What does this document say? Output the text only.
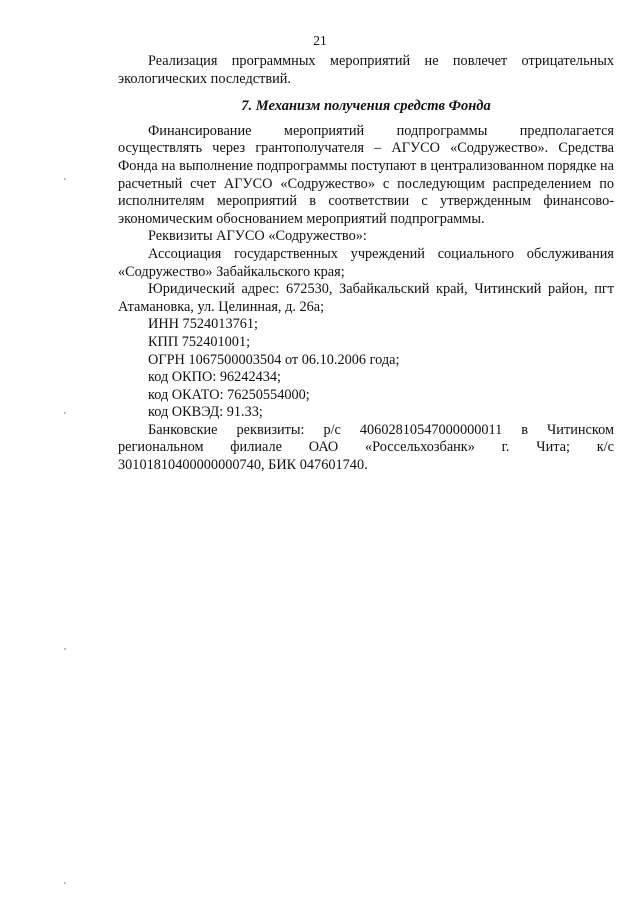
21

Реализация программных мероприятий не повлечет отрицательных экологических последствий.

7. Механизм получения средств Фонда

Финансирование мероприятий подпрограммы предполагается осуществлять через грантополучателя – АГУСО «Содружество». Средства Фонда на выполнение подпрограммы поступают в централизованном порядке на расчетный счет АГУСО «Содружество» с последующим распределением по исполнителям мероприятий в соответствии с утвержденным финансово-экономическим обоснованием мероприятий подпрограммы.

Реквизиты АГУСО «Содружество»:

Ассоциация государственных учреждений социального обслуживания «Содружество» Забайкальского края;

Юридический адрес: 672530, Забайкальский край, Читинский район, пгт Атамановка, ул. Целинная, д. 26а;

ИНН 7524013761;

КПП 752401001;

ОГРН 1067500003504 от 06.10.2006 года;

код ОКПО: 96242434;

код ОКАТО: 76250554000;

код ОКВЭД: 91.33;

Банковские реквизиты: р/с 40602810547000000011 в Читинском региональном филиале ОАО «Россельхозбанк» г. Чита; к/с 30101810400000000740, БИК 047601740.
